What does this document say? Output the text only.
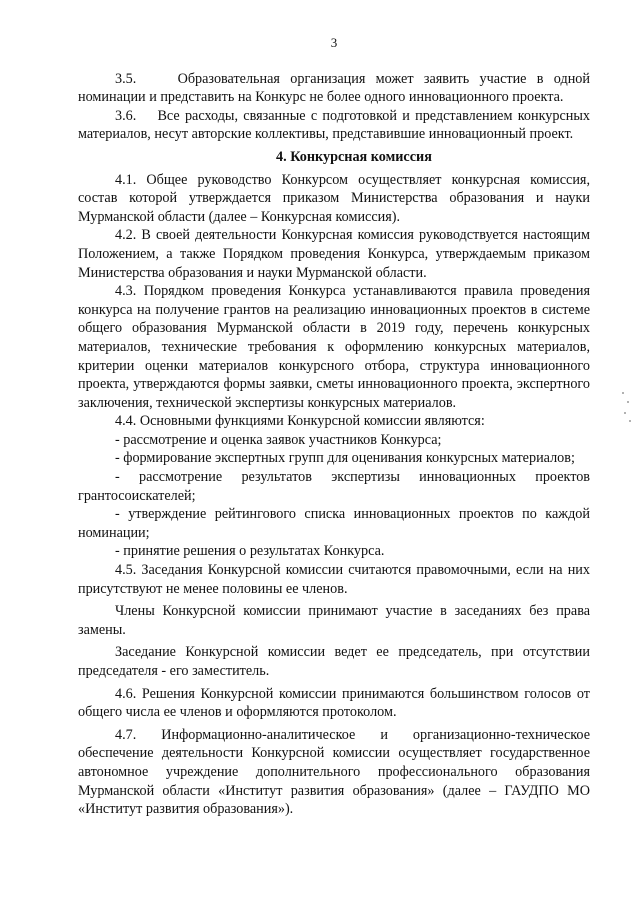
3

3.5.    Образовательная организация может заявить участие в одной номинации и представить на Конкурс не более одного инновационного проекта.

3.6.    Все расходы, связанные с подготовкой и представлением конкурсных материалов, несут авторские коллективы, представившие инновационный проект.

4. Конкурсная комиссия

4.1. Общее руководство Конкурсом осуществляет конкурсная комиссия, состав которой утверждается приказом Министерства образования и науки Мурманской области (далее – Конкурсная комиссия).

4.2. В своей деятельности Конкурсная комиссия руководствуется настоящим Положением, а также Порядком проведения Конкурса, утверждаемым приказом Министерства образования и науки Мурманской области.

4.3. Порядком проведения Конкурса устанавливаются правила проведения конкурса на получение грантов на реализацию инновационных проектов в системе общего образования Мурманской области в 2019 году, перечень конкурсных материалов, технические требования к оформлению конкурсных материалов, критерии оценки материалов конкурсного отбора, структура инновационного проекта, утверждаются формы заявки, сметы инновационного проекта, экспертного заключения, технической экспертизы конкурсных материалов.

4.4. Основными функциями Конкурсной комиссии являются:

- рассмотрение и оценка заявок участников Конкурса;

- формирование экспертных групп для оценивания конкурсных материалов;

- рассмотрение результатов экспертизы инновационных проектов грантосоискателей;

- утверждение рейтингового списка инновационных проектов по каждой номинации;

- принятие решения о результатах Конкурса.

4.5. Заседания Конкурсной комиссии считаются правомочными, если на них присутствуют не менее половины ее членов.

Члены Конкурсной комиссии принимают участие в заседаниях без права замены.

Заседание Конкурсной комиссии ведет ее председатель, при отсутствии председателя - его заместитель.

4.6. Решения Конкурсной комиссии принимаются большинством голосов от общего числа ее членов и оформляются протоколом.

4.7. Информационно-аналитическое и организационно-техническое обеспечение деятельности Конкурсной комиссии осуществляет государственное автономное учреждение дополнительного профессионального образования Мурманской области «Институт развития образования» (далее – ГАУДПО МО «Институт развития образования»).
